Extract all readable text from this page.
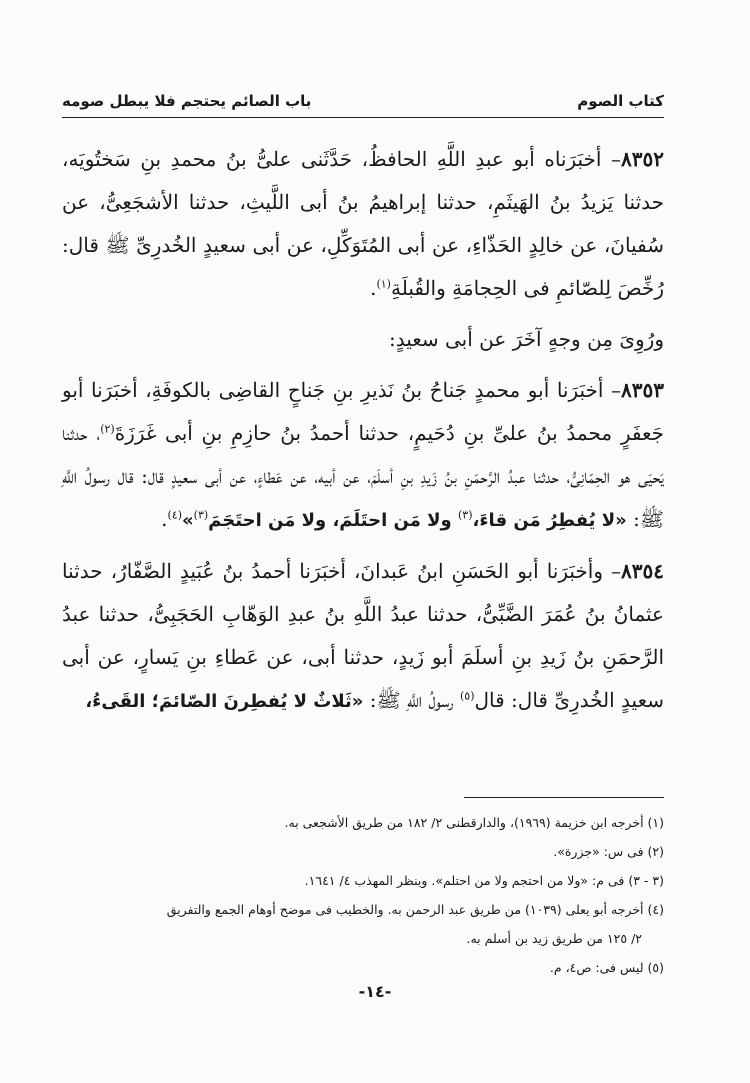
كتاب الصوم
باب الصائم يحتجم فلا يبطل صومه

٨٣٥٢– أخبَرَناه أبو عبدِ اللَّهِ الحافظُ، حَدَّثَنى علىُّ بنُ محمدِ بنِ سَختُويَه، حدثنا يَزيدُ بنُ الهَيثَمِ، حدثنا إبراهيمُ بنُ أبى اللَّيثِ، حدثنا الأشجَعِىُّ، عن سُفيانَ، عن خالِدٍ الحَذّاءِ، عن أبى المُتَوَكِّلِ، عن أبى سعيدٍ الخُدرِىِّ ﷺ قال: رُخِّصَ لِلصّائمِ فى الحِجامَةِ والقُبلَةِ$^{(١)}$.

ورُوِىَ مِن وجهٍ آخَرَ عن أبى سعيدٍ:

٨٣٥٣– أخبَرَنا أبو محمدٍ جَناحُ بنُ نَذيرِ بنِ جَناحٍ القاضِى بالكوفَةِ، أخبَرَنا أبو جَعفَرٍ محمدُ بنُ علىِّ بنِ دُحَيمٍ، حدثنا أحمدُ بنُ حازِمِ بنِ أبى غَرَزَةَ$^{(٢)}$، حدثنا يَحيَى هو الحِمّانِىُّ، حدثنا عبدُ الرَّحمَنِ بنُ زَيدِ بنِ أسلَمَ، عن أبيه، عن عَطاءٍ، عن أبى سعيدٍ قال: قال رسولُ اللَّهِ ﷺ: «لا يُفطِرُ مَن قاءَ،$^{(٣)}$ ولا مَن احتَلَمَ، ولا مَن احتَجَمَ$^{(٣)}$»$^{(٤)}$.

٨٣٥٤– وأخبَرَنا أبو الحَسَنِ ابنُ عَبدانَ، أخبَرَنا أحمدُ بنُ عُبَيدٍ الصَّفّارُ، حدثنا عثمانُ بنُ عُمَرَ الضَّبِّىُّ، حدثنا عبدُ اللَّهِ بنُ عبدِ الوَهّابِ الحَجَبِىُّ، حدثنا عبدُ الرَّحمَنِ بنُ زَيدِ بنِ أسلَمَ أبو زَيدٍ، حدثنا أبى، عن عَطاءِ بنِ يَسارٍ، عن أبى سعيدٍ الخُدرِىِّ قال: قال$^{(٥)}$ رسولُ اللَّهِ ﷺ: «ثَلاثٌ لا يُفطِرنَ الصّائمَ؛ القَىءُ،

(١) أخرجه ابن خزيمة (١٩٦٩)، والدارقطنى ٢/ ١٨٢ من طريق الأشجعى به.

(٢) فى س: «جزرة».

(٣ - ٣) فى م: «ولا من احتجم ولا من احتلم». وينظر المهذب ٤/ ١٦٤١.

(٤) أخرجه أبو يعلى (١٠٣٩) من طريق عبد الرحمن به. والخطيب فى موضح أوهام الجمع والتفريق

٢/ ١٢٥ من طريق زيد بن أسلم به.

(٥) ليس فى: ص٤، م.

-١٤-
